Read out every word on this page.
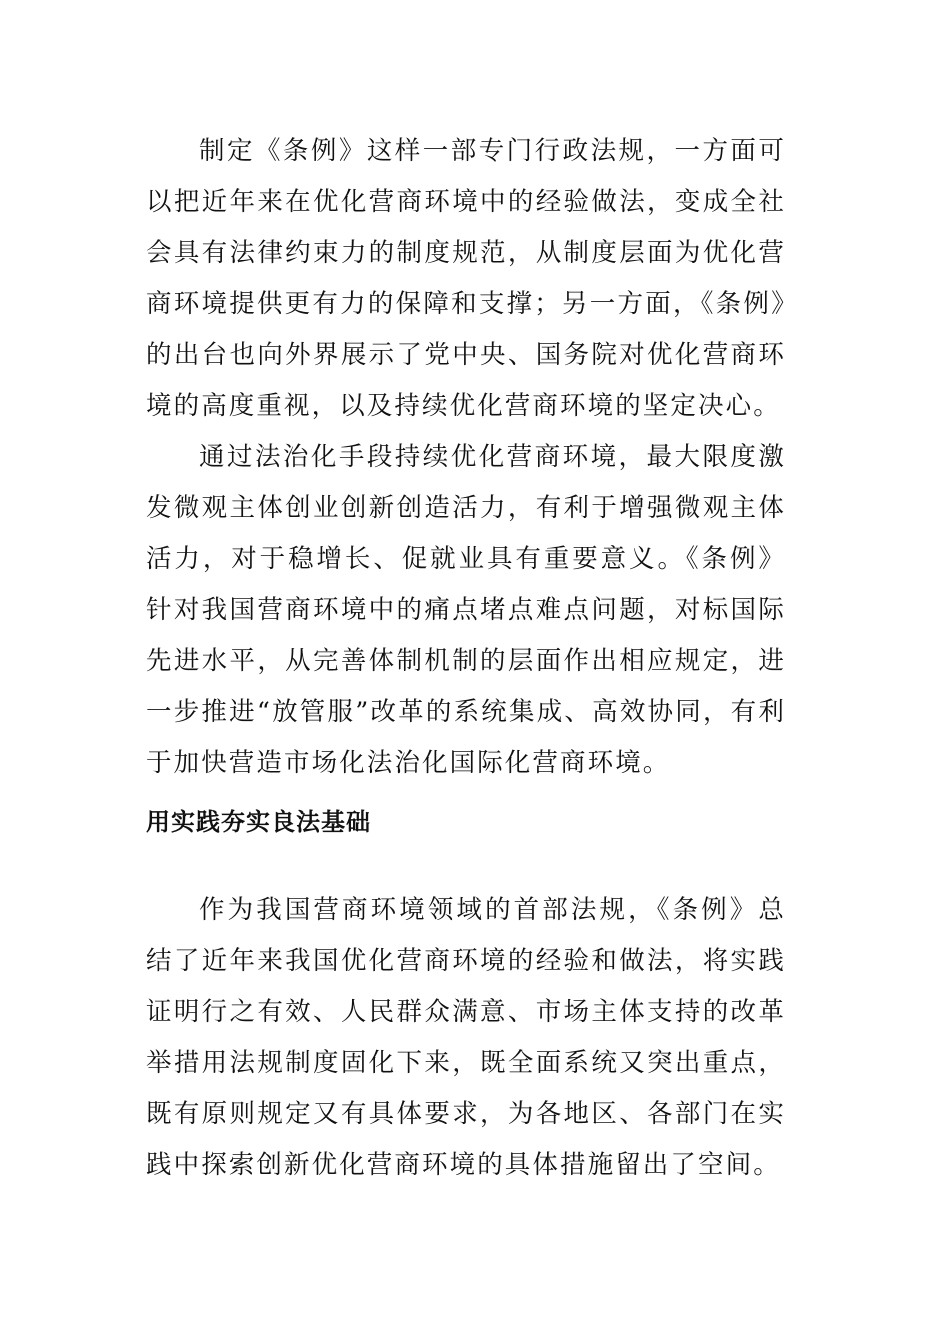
制定《条例》这样一部专门行政法规，一方面可以把近年来在优化营商环境中的经验做法，变成全社会具有法律约束力的制度规范，从制度层面为优化营商环境提供更有力的保障和支撑；另一方面，《条例》的出台也向外界展示了党中央、国务院对优化营商环境的高度重视，以及持续优化营商环境的坚定决心。

通过法治化手段持续优化营商环境，最大限度激发微观主体创业创新创造活力，有利于增强微观主体活力，对于稳增长、促就业具有重要意义。《条例》针对我国营商环境中的痛点堵点难点问题，对标国际先进水平，从完善体制机制的层面作出相应规定，进一步推进“放管服”改革的系统集成、高效协同，有利于加快营造市场化法治化国际化营商环境。

用实践夯实良法基础

作为我国营商环境领域的首部法规，《条例》总结了近年来我国优化营商环境的经验和做法，将实践证明行之有效、人民群众满意、市场主体支持的改革举措用法规制度固化下来，既全面系统又突出重点，既有原则规定又有具体要求，为各地区、各部门在实践中探索创新优化营商环境的具体措施留出了空间。
